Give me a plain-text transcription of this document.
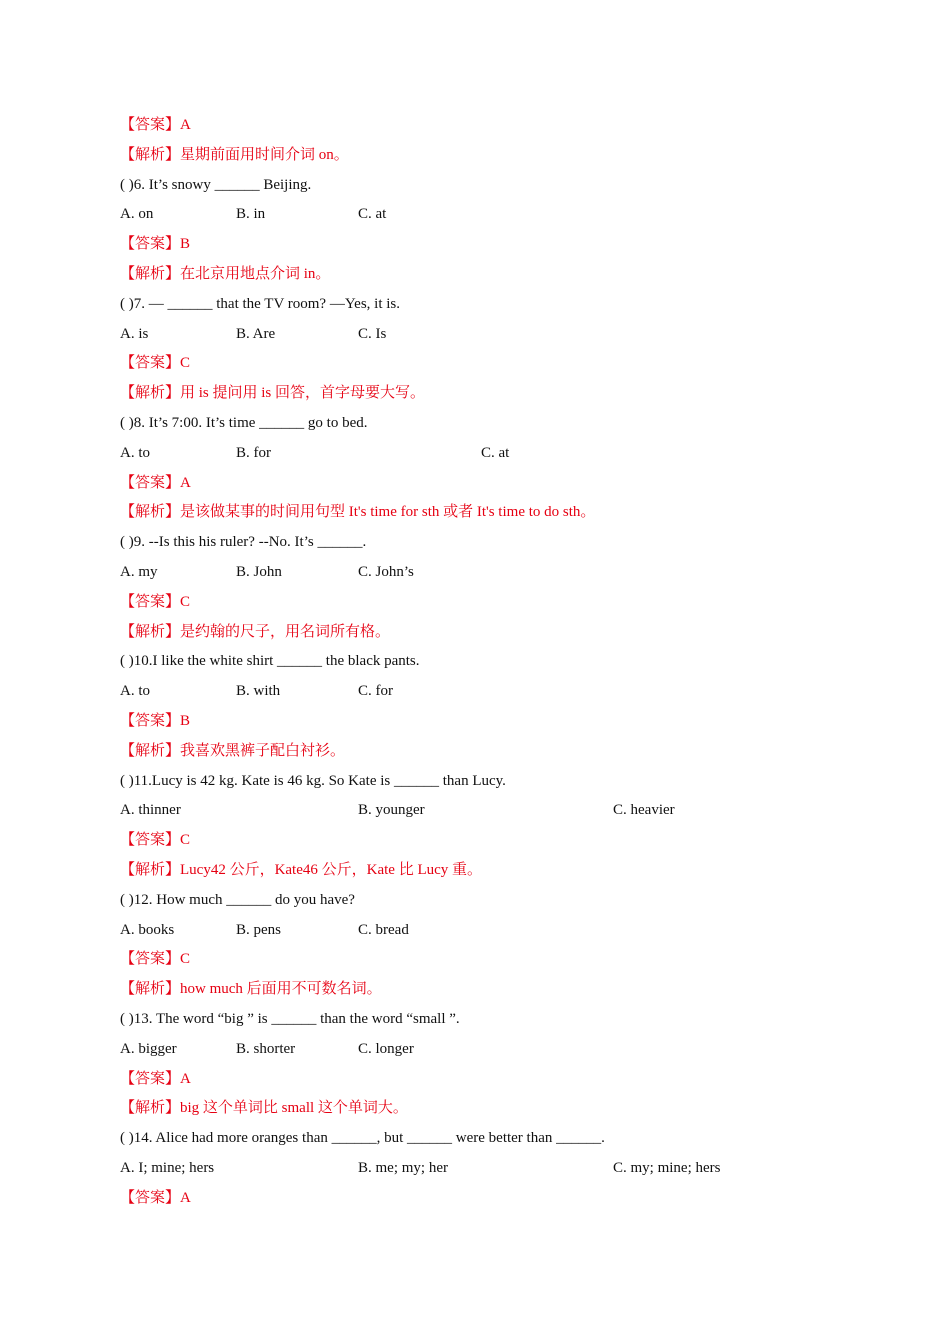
【答案】A
【解析】星期前面用时间介词 on。
( )6. It’s snowy ______ Beijing.
A. on	B. in	C. at
【答案】B
【解析】在北京用地点介词 in。
( )7. — ______ that the TV room? —Yes, it is.
A. is	B. Are	C. Is
【答案】C
【解析】用 is 提问用 is 回答，首字母要大写。
( )8. It’s 7:00. It’s time ______ go to bed.
A. to	B. for	C. at
【答案】A
【解析】是该做某事的时间用句型 It's time for sth 或者 It's time to do sth。
( )9. --Is this his ruler? --No. It’s ______.
A. my	B. John	C. John’s
【答案】C
【解析】是约翰的尺子，用名词所有格。
( )10.I like the white shirt ______ the black pants.
A. to	B. with	C. for
【答案】B
【解析】我喜欢黑裤子配白衬衫。
( )11.Lucy is 42 kg. Kate is 46 kg. So Kate is ______ than Lucy.
A. thinner	B. younger	C. heavier
【答案】C
【解析】Lucy42 公斤，Kate46 公斤，Kate 比 Lucy 重。
( )12. How much ______ do you have?
A. books	B. pens	C. bread
【答案】C
【解析】how much 后面用不可数名词。
( )13. The word “big ” is ______ than the word “small ”.
A. bigger	B. shorter	C. longer
【答案】A
【解析】big 这个单词比 small 这个单词大。
( )14. Alice had more oranges than ______, but ______ were better than ______.
A. I; mine; hers	B. me; my; her	C. my; mine; hers
【答案】A
